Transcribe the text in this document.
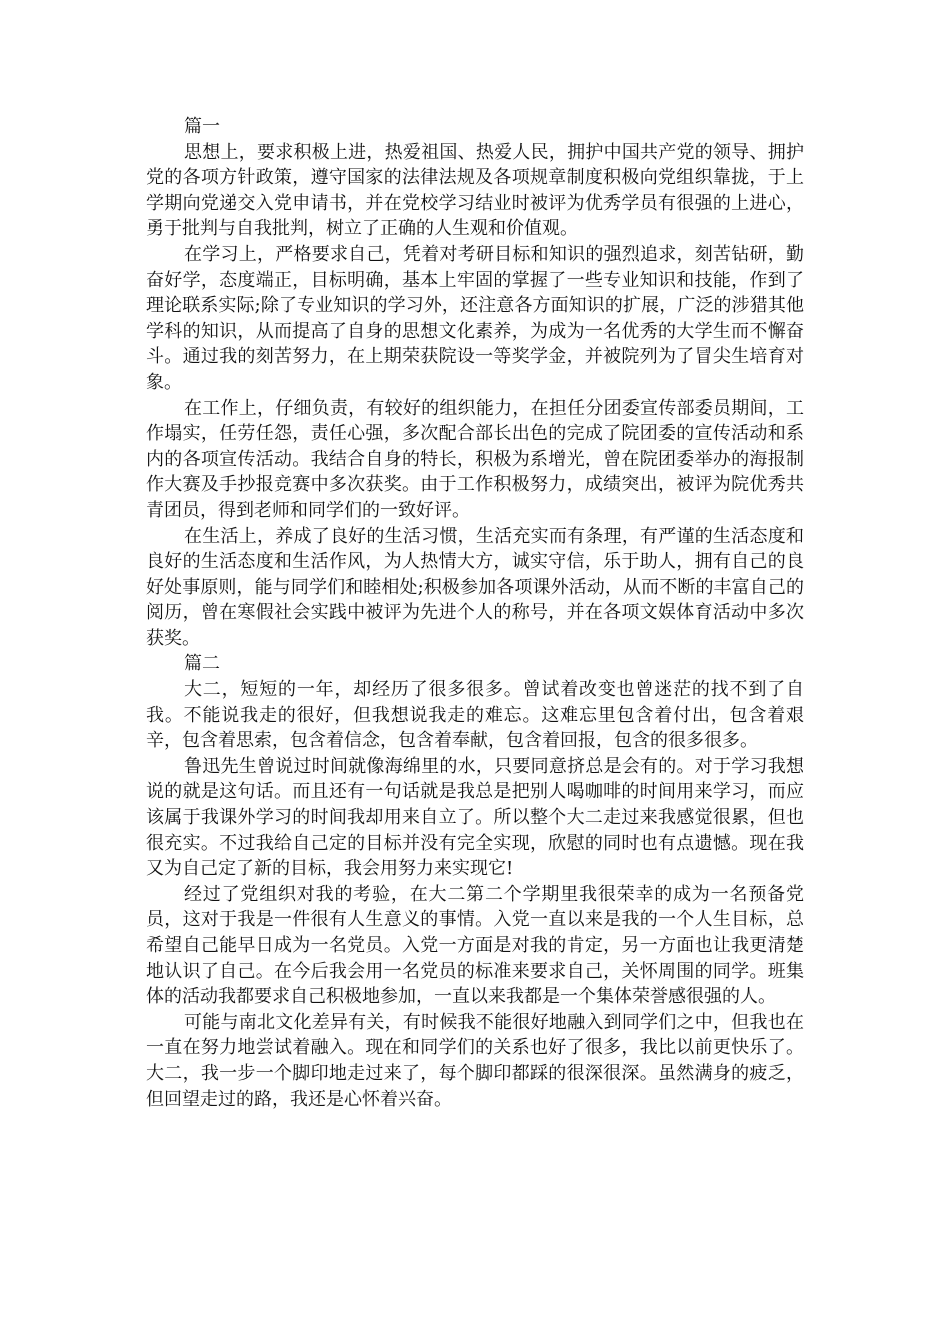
篇一

思想上，要求积极上进，热爱祖国、热爱人民，拥护中国共产党的领导、拥护党的各项方针政策，遵守国家的法律法规及各项规章制度积极向党组织靠拢，于上学期向党递交入党申请书，并在党校学习结业时被评为优秀学员有很强的上进心，勇于批判与自我批判，树立了正确的人生观和价值观。

在学习上，严格要求自己，凭着对考研目标和知识的强烈追求，刻苦钻研，勤奋好学，态度端正，目标明确，基本上牢固的掌握了一些专业知识和技能，作到了理论联系实际;除了专业知识的学习外，还注意各方面知识的扩展，广泛的涉猎其他学科的知识，从而提高了自身的思想文化素养，为成为一名优秀的大学生而不懈奋斗。通过我的刻苦努力，在上期荣获院设一等奖学金，并被院列为了冒尖生培育对象。

在工作上，仔细负责，有较好的组织能力，在担任分团委宣传部委员期间，工作塌实，任劳任怨，责任心强，多次配合部长出色的完成了院团委的宣传活动和系内的各项宣传活动。我结合自身的特长，积极为系增光，曾在院团委举办的海报制作大赛及手抄报竞赛中多次获奖。由于工作积极努力，成绩突出，被评为院优秀共青团员，得到老师和同学们的一致好评。

在生活上，养成了良好的生活习惯，生活充实而有条理，有严谨的生活态度和良好的生活态度和生活作风，为人热情大方，诚实守信，乐于助人，拥有自己的良好处事原则，能与同学们和睦相处;积极参加各项课外活动，从而不断的丰富自己的阅历，曾在寒假社会实践中被评为先进个人的称号，并在各项文娱体育活动中多次获奖。

篇二

大二，短短的一年，却经历了很多很多。曾试着改变也曾迷茫的找不到了自我。不能说我走的很好，但我想说我走的难忘。这难忘里包含着付出，包含着艰辛，包含着思索，包含着信念，包含着奉献，包含着回报，包含的很多很多。

鲁迅先生曾说过时间就像海绵里的水，只要同意挤总是会有的。对于学习我想说的就是这句话。而且还有一句话就是我总是把别人喝咖啡的时间用来学习，而应该属于我课外学习的时间我却用来自立了。所以整个大二走过来我感觉很累，但也很充实。不过我给自己定的目标并没有完全实现，欣慰的同时也有点遗憾。现在我又为自己定了新的目标，我会用努力来实现它!

经过了党组织对我的考验，在大二第二个学期里我很荣幸的成为一名预备党员，这对于我是一件很有人生意义的事情。入党一直以来是我的一个人生目标，总希望自己能早日成为一名党员。入党一方面是对我的肯定，另一方面也让我更清楚地认识了自己。在今后我会用一名党员的标准来要求自己，关怀周围的同学。班集体的活动我都要求自己积极地参加，一直以来我都是一个集体荣誉感很强的人。

可能与南北文化差异有关，有时候我不能很好地融入到同学们之中，但我也在一直在努力地尝试着融入。现在和同学们的关系也好了很多，我比以前更快乐了。大二，我一步一个脚印地走过来了，每个脚印都踩的很深很深。虽然满身的疲乏，但回望走过的路，我还是心怀着兴奋。
